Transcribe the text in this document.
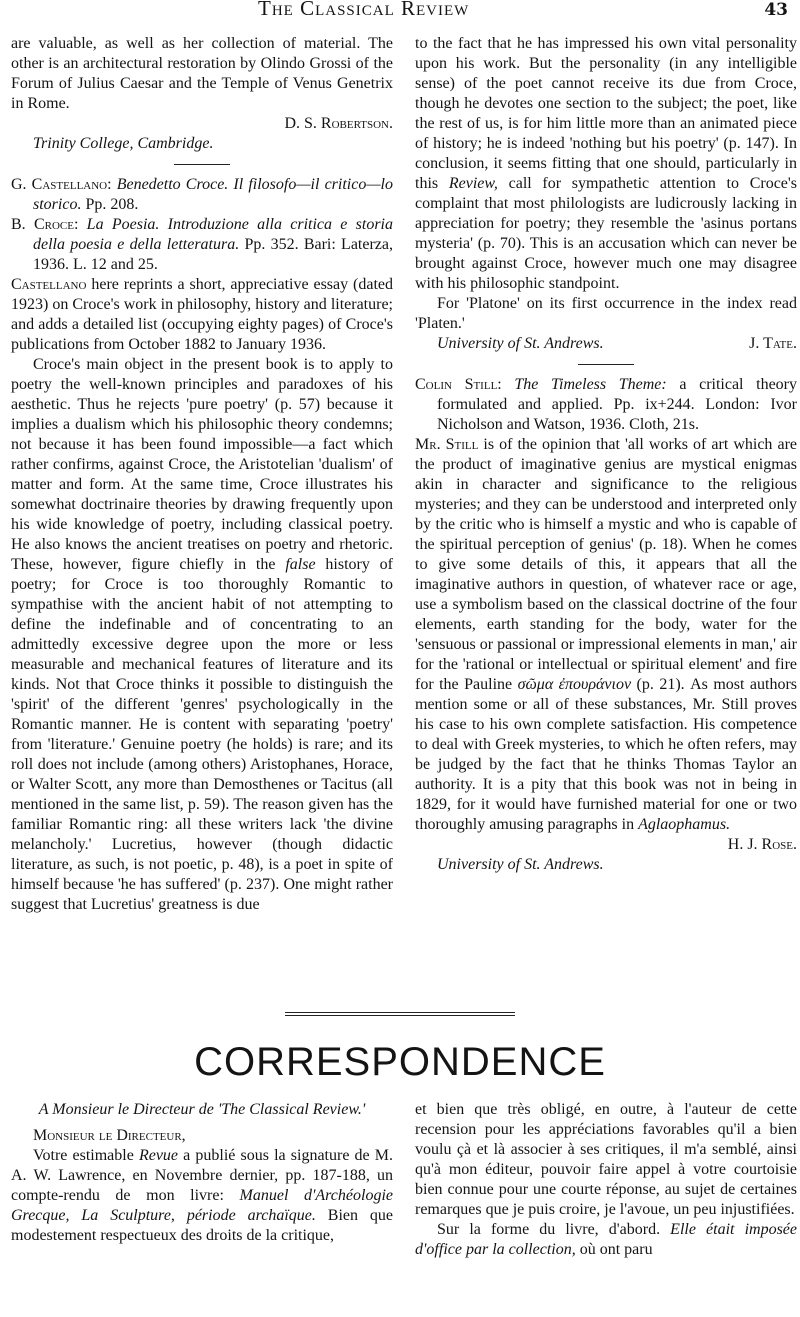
The Classical Review	43

are valuable, as well as her collection of material. The other is an architectural restoration by Olindo Grossi of the Forum of Julius Caesar and the Temple of Venus Genetrix in Rome.

D. S. Robertson.

Trinity College, Cambridge.

G. Castellano: Benedetto Croce. Il filosofo—il critico—lo storico. Pp. 208.

B. Croce: La Poesia. Introduzione alla critica e storia della poesia e della letteratura. Pp. 352. Bari: Laterza, 1936. L. 12 and 25.

Castellano here reprints a short, appreciative essay (dated 1923) on Croce's work in philosophy, history and literature; and adds a detailed list (occupying eighty pages) of Croce's publications from October 1882 to January 1936.

Croce's main object in the present book is to apply to poetry the well-known principles and paradoxes of his aesthetic. Thus he rejects 'pure poetry' (p. 57) because it implies a dualism which his philosophic theory condemns; not because it has been found impossible—a fact which rather confirms, against Croce, the Aristotelian 'dualism' of matter and form. At the same time, Croce illustrates his somewhat doctrinaire theories by drawing frequently upon his wide knowledge of poetry, including classical poetry. He also knows the ancient treatises on poetry and rhetoric. These, however, figure chiefly in the false history of poetry; for Croce is too thoroughly Romantic to sympathise with the ancient habit of not attempting to define the indefinable and of concentrating to an admittedly excessive degree upon the more or less measurable and mechanical features of literature and its kinds. Not that Croce thinks it possible to distinguish the 'spirit' of the different 'genres' psychologically in the Romantic manner. He is content with separating 'poetry' from 'literature.' Genuine poetry (he holds) is rare; and its roll does not include (among others) Aristophanes, Horace, or Walter Scott, any more than Demosthenes or Tacitus (all mentioned in the same list, p. 59). The reason given has the familiar Romantic ring: all these writers lack 'the divine melancholy.' Lucretius, however (though didactic literature, as such, is not poetic, p. 48), is a poet in spite of himself because 'he has suffered' (p. 237). One might rather suggest that Lucretius' greatness is due

to the fact that he has impressed his own vital personality upon his work. But the personality (in any intelligible sense) of the poet cannot receive its due from Croce, though he devotes one section to the subject; the poet, like the rest of us, is for him little more than an animated piece of history; he is indeed 'nothing but his poetry' (p. 147). In conclusion, it seems fitting that one should, particularly in this Review, call for sympathetic attention to Croce's complaint that most philologists are ludicrously lacking in appreciation for poetry; they resemble the 'asinus portans mysteria' (p. 70). This is an accusation which can never be brought against Croce, however much one may disagree with his philosophic standpoint.

For 'Platone' on its first occurrence in the index read 'Platen.'

University of St. Andrews.	J. Tate.

Colin Still: The Timeless Theme: a critical theory formulated and applied. Pp. ix+244. London: Ivor Nicholson and Watson, 1936. Cloth, 21s.

Mr. Still is of the opinion that 'all works of art which are the product of imaginative genius are mystical enigmas akin in character and significance to the religious mysteries; and they can be understood and interpreted only by the critic who is himself a mystic and who is capable of the spiritual perception of genius' (p. 18). When he comes to give some details of this, it appears that all the imaginative authors in question, of whatever race or age, use a symbolism based on the classical doctrine of the four elements, earth standing for the body, water for the 'sensuous or passional or impressional elements in man,' air for the 'rational or intellectual or spiritual element' and fire for the Pauline σῶμα ἐπουράνιον (p. 21). As most authors mention some or all of these substances, Mr. Still proves his case to his own complete satisfaction. His competence to deal with Greek mysteries, to which he often refers, may be judged by the fact that he thinks Thomas Taylor an authority. It is a pity that this book was not in being in 1829, for it would have furnished material for one or two thoroughly amusing paragraphs in Aglaophamus.

H. J. Rose.

University of St. Andrews.

CORRESPONDENCE

A Monsieur le Directeur de 'The Classical Review.'

Monsieur le Directeur,

Votre estimable Revue a publié sous la signature de M. A. W. Lawrence, en Novembre dernier, pp. 187-188, un compte-rendu de mon livre: Manuel d'Archéologie Grecque, La Sculpture, période archaïque. Bien que modestement respectueux des droits de la critique,

et bien que très obligé, en outre, à l'auteur de cette recension pour les appréciations favorables qu'il a bien voulu çà et là associer à ses critiques, il m'a semblé, ainsi qu'à mon éditeur, pouvoir faire appel à votre courtoisie bien connue pour une courte réponse, au sujet de certaines remarques que je puis croire, je l'avoue, un peu injustifiées.

Sur la forme du livre, d'abord. Elle était imposée d'office par la collection, où ont paru
